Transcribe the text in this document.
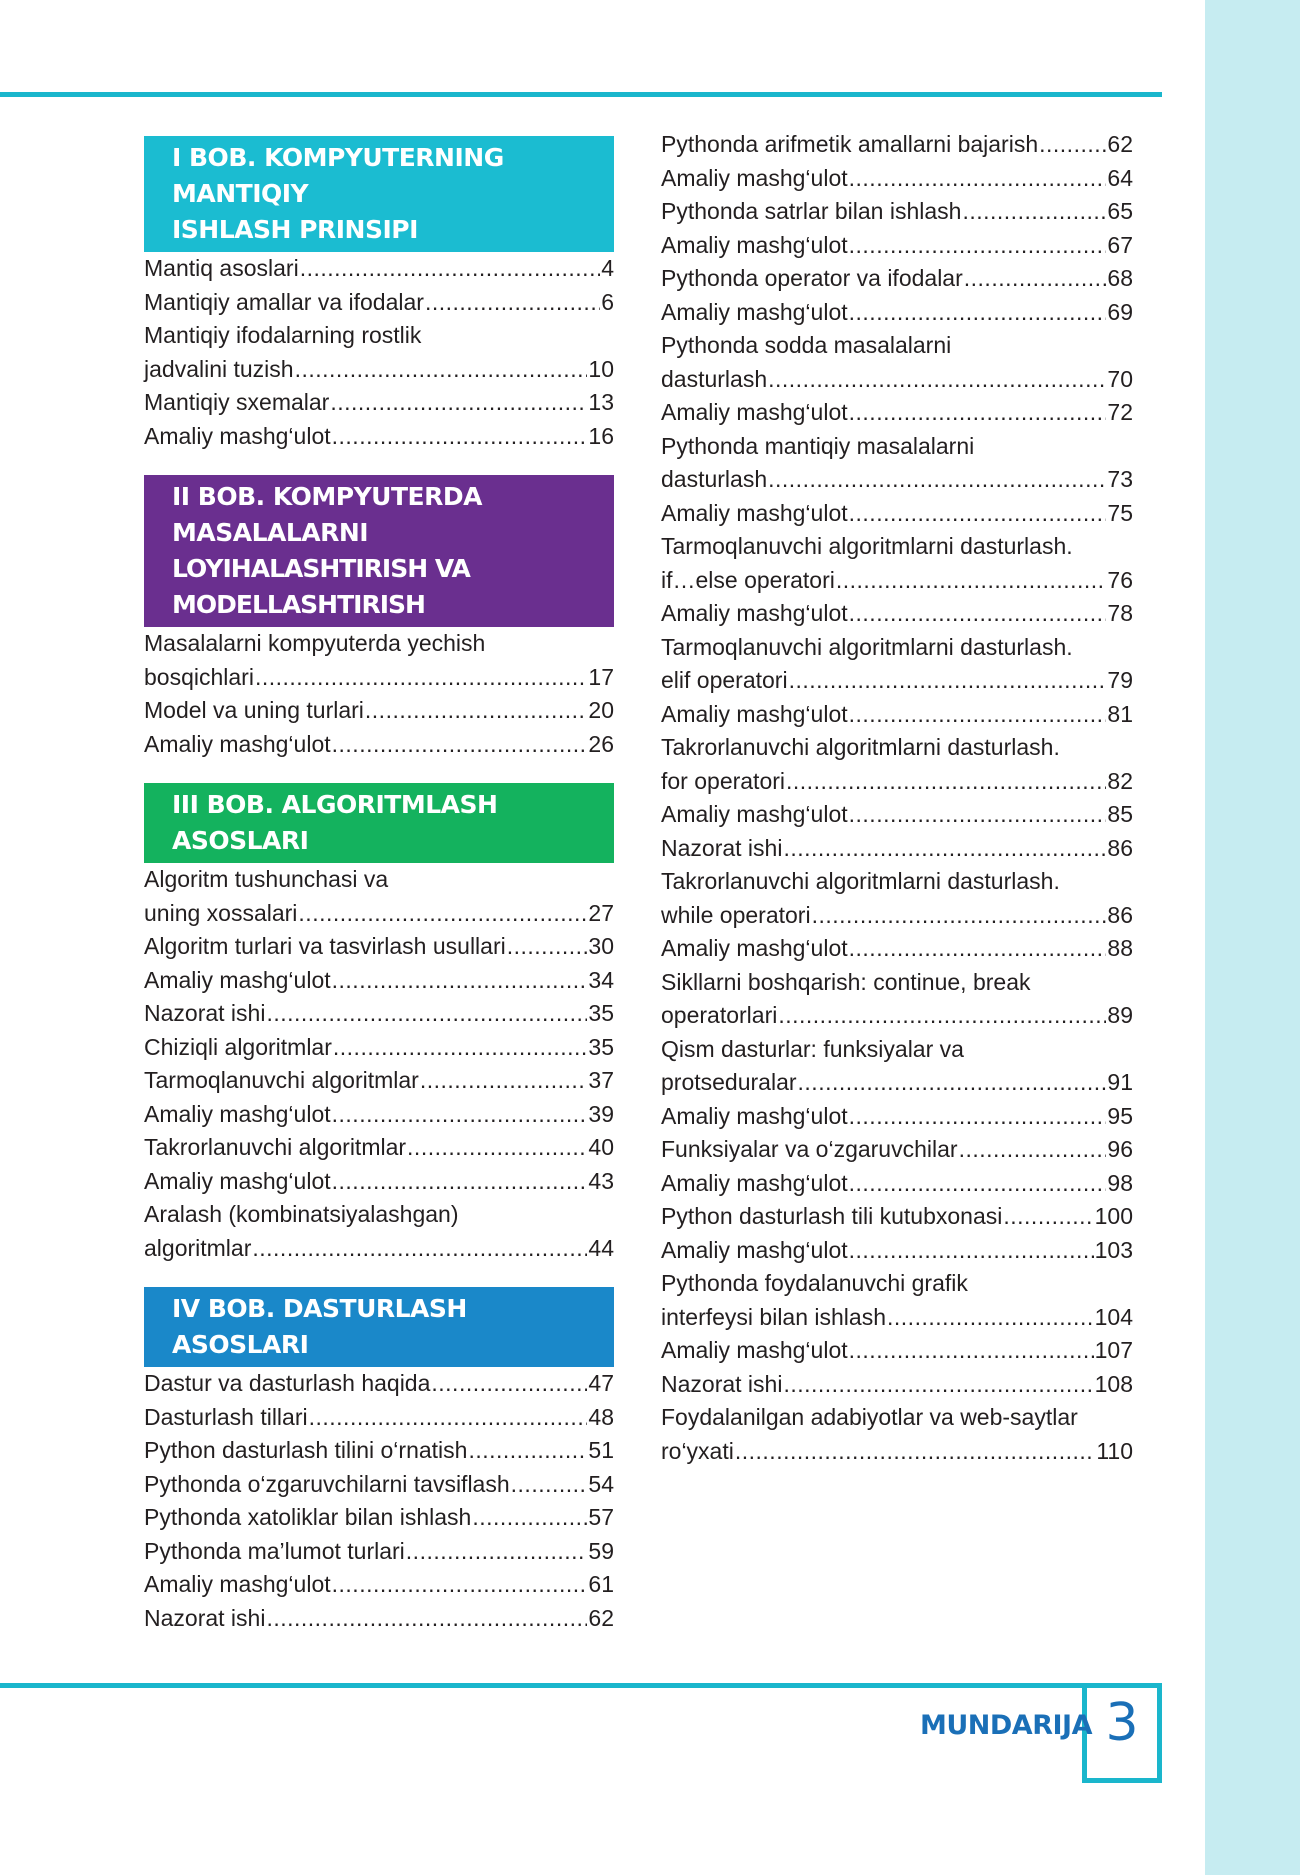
I BOB. KOMPYUTERNING MANTIQIY
ISHLASH PRINSIPI
Mantiq asoslari .....	4
Mantiqiy amallar va ifodalar .....	6
Mantiqiy ifodalarning rostlik
jadvalini tuzish .....	10
Mantiqiy sxemalar .....	13
Amaliy mashg‘ulot .....	16
II BOB. KOMPYUTERDA MASALALARNI
LOYIHALASHTIRISH VA MODELLASHTIRISH
Masalalarni kompyuterda yechish
bosqichlari .....	17
Model va uning turlari .....	20
Amaliy mashg‘ulot .....	26
III BOB. ALGORITMLASH ASOSLARI
Algoritm tushunchasi va
uning xossalari .....	27
Algoritm turlari va tasvirlash usullari .....	30
Amaliy mashg‘ulot .....	34
Nazorat ishi .....	35
Chiziqli algoritmlar .....	35
Tarmoqlanuvchi algoritmlar .....	37
Amaliy mashg‘ulot .....	39
Takrorlanuvchi algoritmlar .....	40
Amaliy mashg‘ulot .....	43
Aralash (kombinatsiyalashgan)
algoritmlar .....	44
IV BOB. DASTURLASH ASOSLARI
Dastur va dasturlash haqida .....	47
Dasturlash tillari .....	48
Python dasturlash tilini o‘rnatish .....	51
Pythonda o‘zgaruvchilarni tavsiflash .....	54
Pythonda xatoliklar bilan ishlash .....	57
Pythonda ma’lumot turlari .....	59
Amaliy mashg‘ulot .....	61
Nazorat ishi .....	62
Pythonda arifmetik amallarni bajarish .....	62
Amaliy mashg‘ulot .....	64
Pythonda satrlar bilan ishlash .....	65
Amaliy mashg‘ulot .....	67
Pythonda operator va ifodalar .....	68
Amaliy mashg‘ulot .....	69
Pythonda sodda masalalarni
dasturlash .....	70
Amaliy mashg‘ulot .....	72
Pythonda mantiqiy masalalarni
dasturlash .....	73
Amaliy mashg‘ulot .....	75
Tarmoqlanuvchi algoritmlarni dasturlash.
if…else operatori .....	76
Amaliy mashg‘ulot .....	78
Tarmoqlanuvchi algoritmlarni dasturlash.
elif operatori .....	79
Amaliy mashg‘ulot .....	81
Takrorlanuvchi algoritmlarni dasturlash.
for operatori .....	82
Amaliy mashg‘ulot .....	85
Nazorat ishi .....	86
Takrorlanuvchi algoritmlarni dasturlash.
while operatori .....	86
Amaliy mashg‘ulot .....	88
Sikllarni boshqarish: continue, break
operatorlari .....	89
Qism dasturlar: funksiyalar va
protseduralar .....	91
Amaliy mashg‘ulot .....	95
Funksiyalar va o‘zgaruvchilar .....	96
Amaliy mashg‘ulot .....	98
Python dasturlash tili kutubxonasi .....	100
Amaliy mashg‘ulot .....	103
Pythonda foydalanuvchi grafik
interfeysi bilan ishlash .....	104
Amaliy mashg‘ulot .....	107
Nazorat ishi .....	108
Foydalanilgan adabiyotlar va web-saytlar
ro‘yxati .....	110
MUNDARIJA 3
